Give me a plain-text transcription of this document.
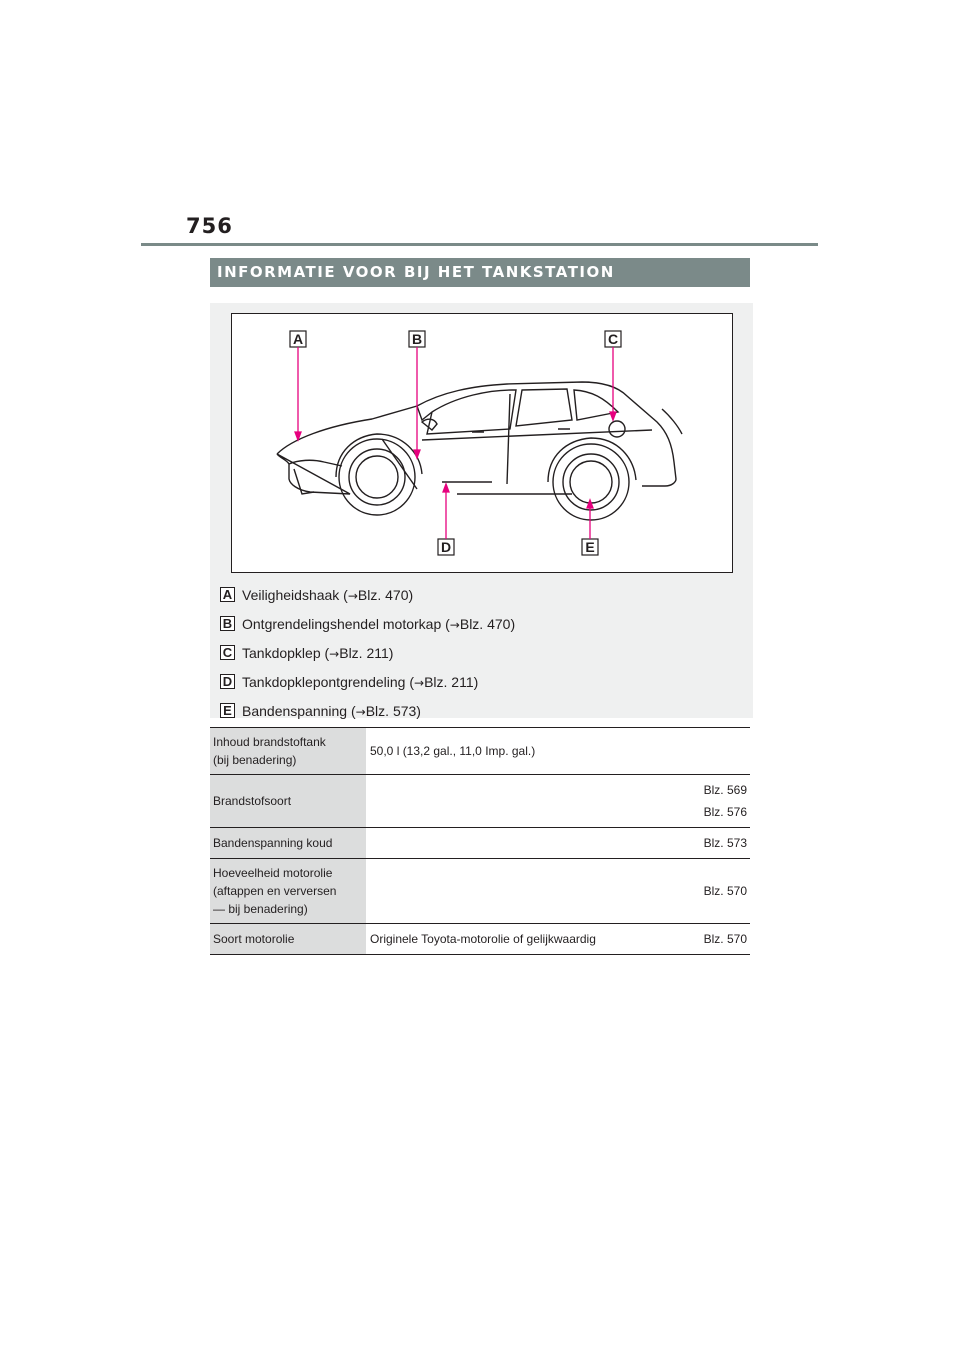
756
INFORMATIE VOOR BIJ HET TANKSTATION
A	B	C
D	E
A Veiligheidshaak (→Blz. 470)
B Ontgrendelingshendel motorkap (→Blz. 470)
C Tankdopklep (→Blz. 211)
D Tankdopklepontgrendeling (→Blz. 211)
E Bandenspanning (→Blz. 573)
Inhoud brandstoftank
(bij benadering)	50,0 l (13,2 gal., 11,0 Imp. gal.)	

Brandstofsoort		Blz. 569
Blz. 576

Bandenspanning koud		Blz. 573

Hoeveelheid motorolie
(aftappen en verversen
— bij benadering)		Blz. 570

Soort motorolie	Originele Toyota-motorolie of gelijkwaardig	Blz. 570
